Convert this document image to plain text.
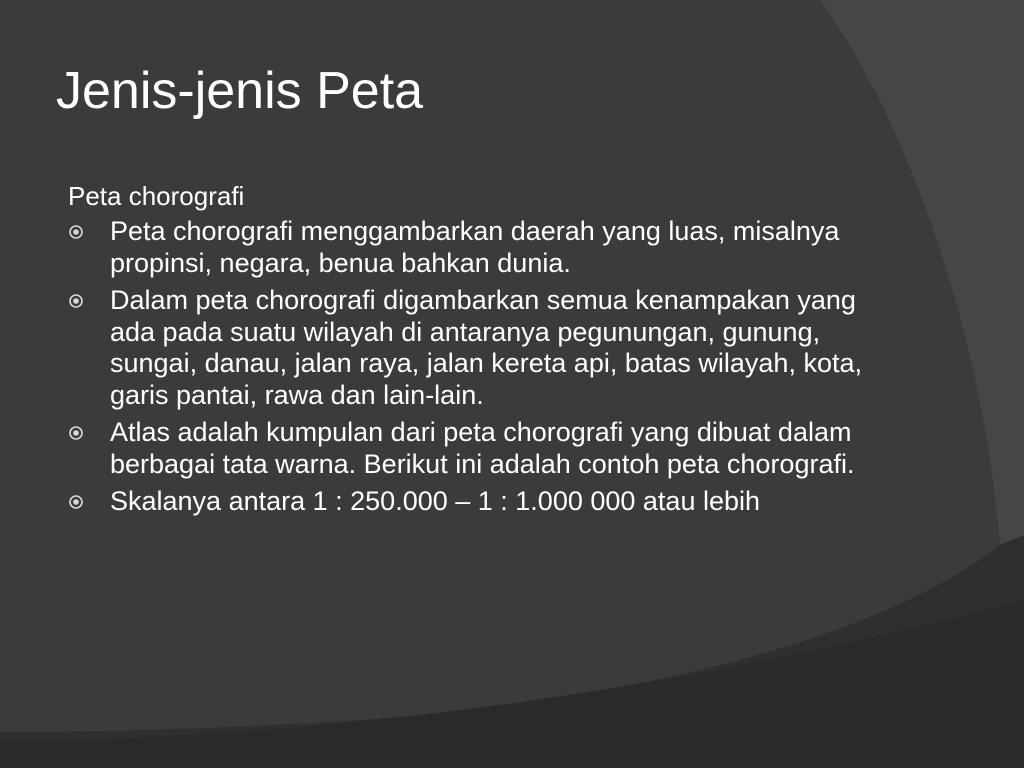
Jenis-jenis Peta

Peta chorografi

Peta chorografi menggambarkan daerah yang luas, misalnya propinsi, negara, benua bahkan dunia.
Dalam peta chorografi digambarkan semua kenampakan yang ada pada suatu wilayah di antaranya pegunungan, gunung, sungai, danau, jalan raya, jalan kereta api, batas wilayah, kota, garis pantai, rawa dan lain-lain.
Atlas adalah kumpulan dari peta chorografi yang dibuat dalam berbagai tata warna. Berikut ini adalah contoh peta chorografi.
Skalanya antara 1 : 250.000 – 1 : 1.000 000 atau lebih
